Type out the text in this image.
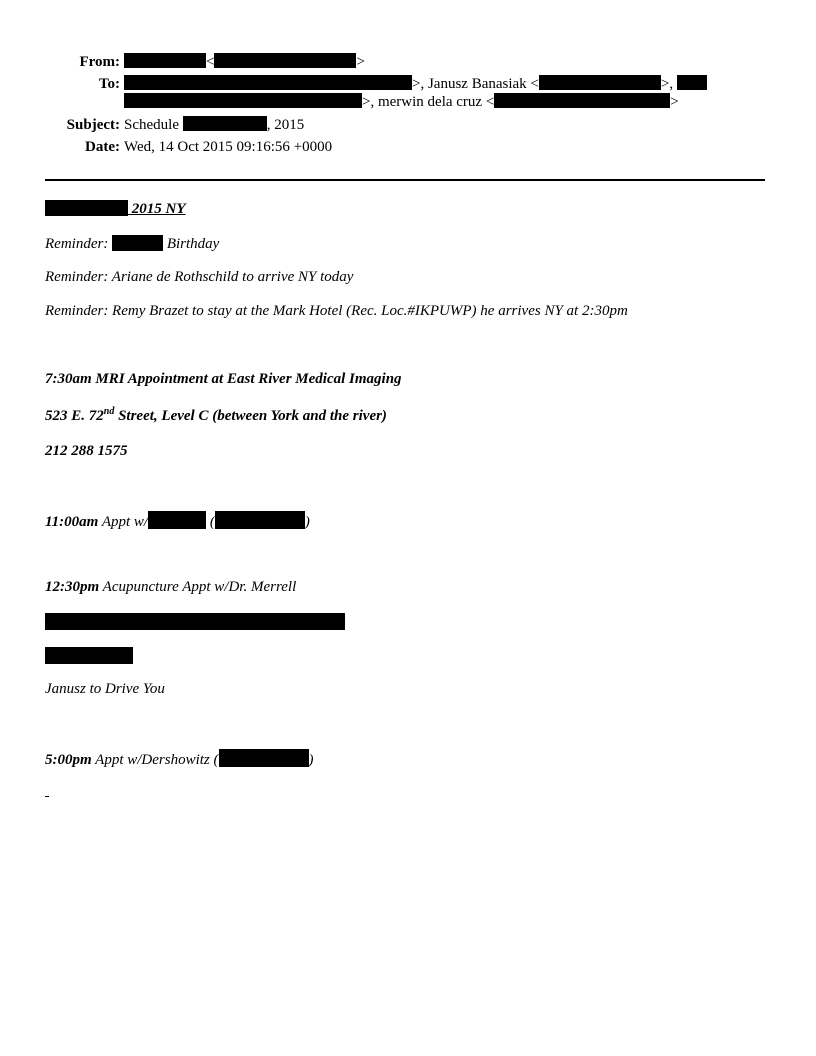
From:	<	>
To:	>, Janusz Banasiak <	>,
>, merwin dela cruz <	>
Subject: Schedule	, 2015
Date: Wed, 14 Oct 2015 09:16:56 +0000
2015 NY
Reminder:	Birthday
Reminder: Ariane de Rothschild to arrive NY today
Reminder: Remy Brazet to stay at the Mark Hotel (Rec. Loc.#IKPUWP) he arrives NY at 2:30pm
7:30am MRI Appointment at East River Medical Imaging
523 E. 72nd Street, Level C (between York and the river)
212 288 1575
11:00am Appt w/	(	)
12:30pm Acupuncture Appt w/Dr. Merrell
Janusz to Drive You
5:00pm Appt w/Dershowitz (	)
